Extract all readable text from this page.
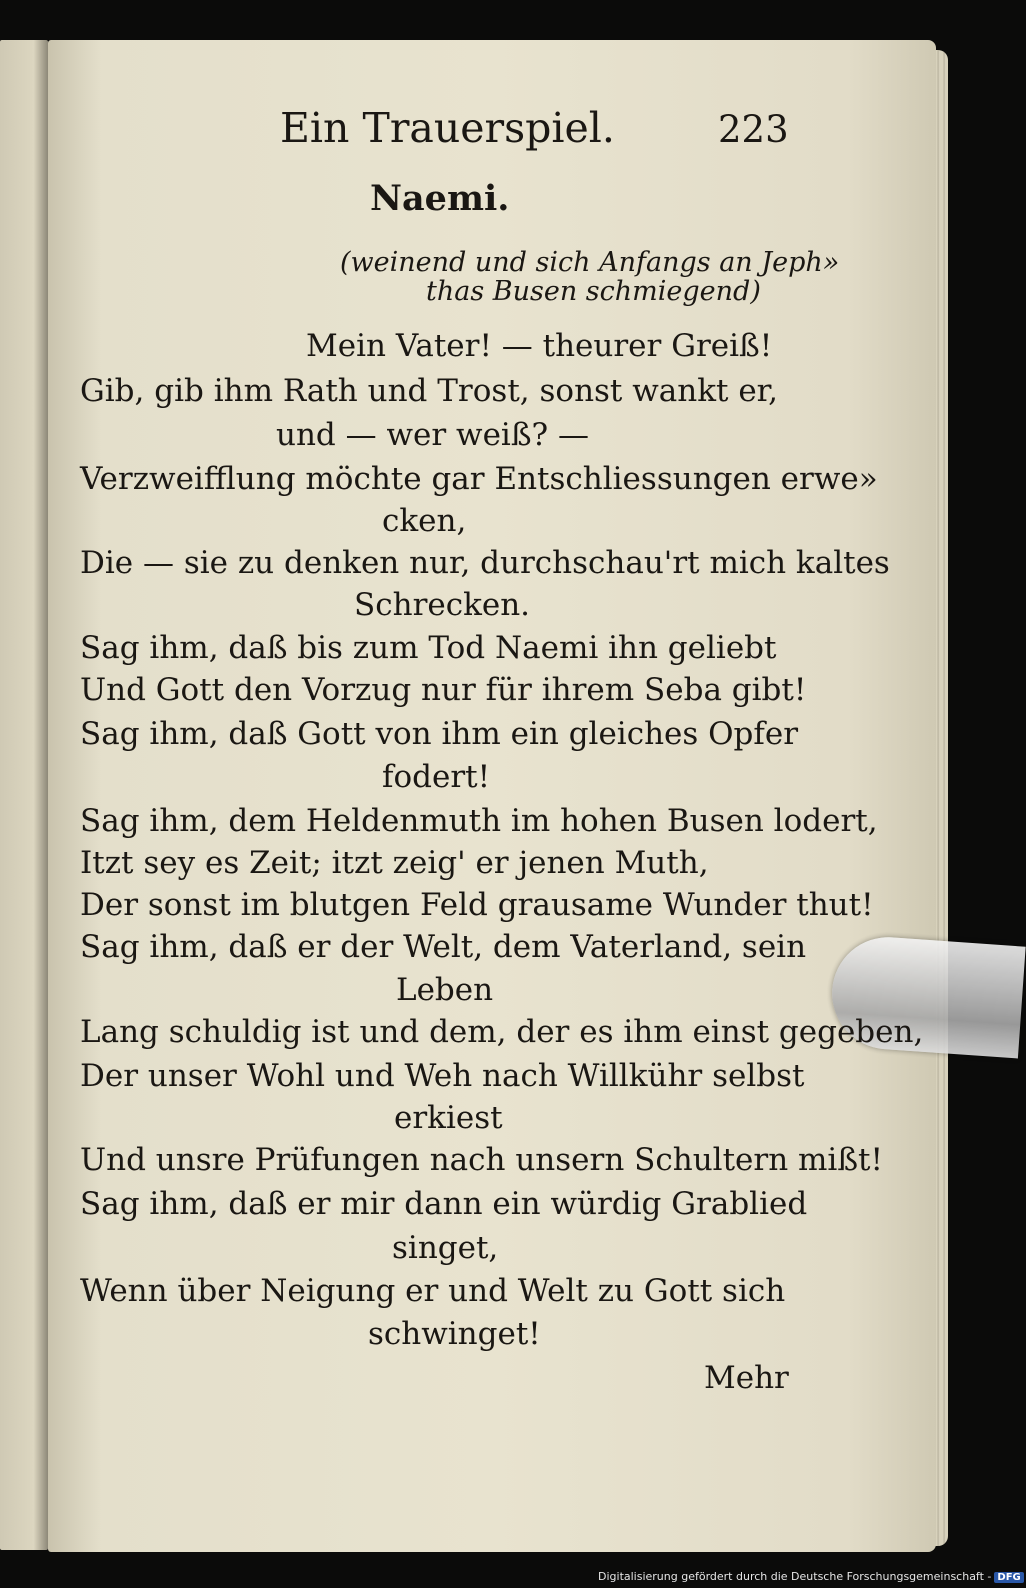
Ein Trauerspiel.	223
Naemi.
(weinend und sich Anfangs an Jeph»
thas Busen schmiegend)
Mein Vater! — theurer Greiß!
Gib, gib ihm Rath und Trost, sonst wankt er,
und — wer weiß? —
Verzweifflung möchte gar Entschliessungen erwe»
cken,
Die — sie zu denken nur, durchschau'rt mich kaltes
Schrecken.
Sag ihm, daß bis zum Tod Naemi ihn geliebt
Und Gott den Vorzug nur für ihrem Seba gibt!
Sag ihm, daß Gott von ihm ein gleiches Opfer
fodert!
Sag ihm, dem Heldenmuth im hohen Busen lodert,
Itzt sey es Zeit; itzt zeig' er jenen Muth,
Der sonst im blutgen Feld grausame Wunder thut!
Sag ihm, daß er der Welt, dem Vaterland, sein
Leben
Lang schuldig ist und dem, der es ihm einst gegeben,
Der unser Wohl und Weh nach Willkühr selbst
erkiest
Und unsre Prüfungen nach unsern Schultern mißt!
Sag ihm, daß er mir dann ein würdig Grablied
singet,
Wenn über Neigung er und Welt zu Gott sich
schwinget!
Mehr
Digitalisierung gefördert durch die Deutsche Forschungsgemeinschaft - DFG
